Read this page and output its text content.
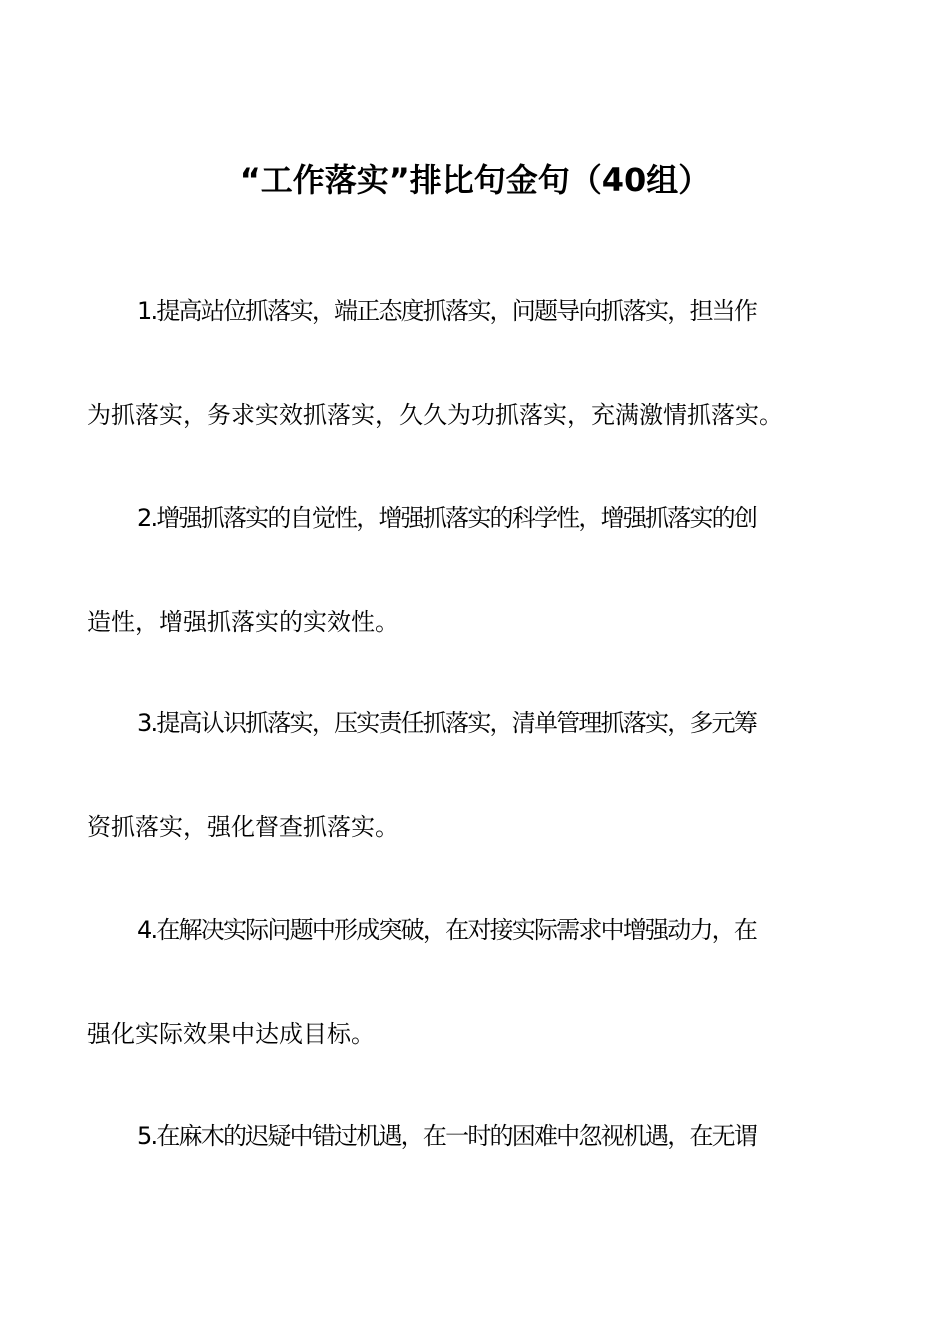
“工作落实”排比句金句（40组）
1.提高站位抓落实，端正态度抓落实，问题导向抓落实，担当作
为抓落实，务求实效抓落实，久久为功抓落实，充满激情抓落实。
2.增强抓落实的自觉性，增强抓落实的科学性，增强抓落实的创
造性，增强抓落实的实效性。
3.提高认识抓落实，压实责任抓落实，清单管理抓落实，多元筹
资抓落实，强化督查抓落实。
4.在解决实际问题中形成突破，在对接实际需求中增强动力，在
强化实际效果中达成目标。
5.在麻木的迟疑中错过机遇，在一时的困难中忽视机遇，在无谓
